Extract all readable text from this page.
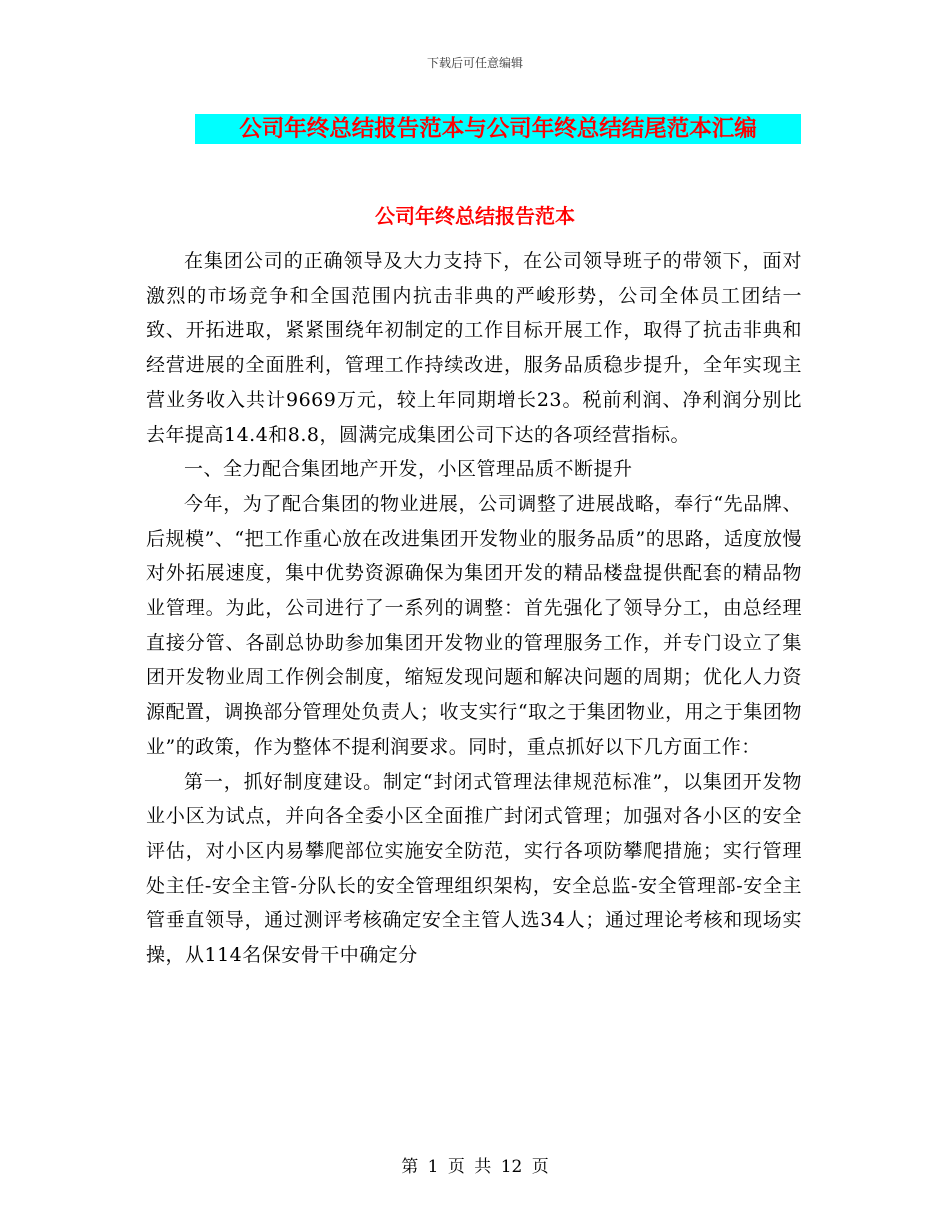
下载后可任意编辑
公司年终总结报告范本与公司年终总结结尾范本汇编
公司年终总结报告范本

在集团公司的正确领导及大力支持下，在公司领导班子的带领下，面对激烈的市场竞争和全国范围内抗击非典的严峻形势，公司全体员工团结一致、开拓进取，紧紧围绕年初制定的工作目标开展工作，取得了抗击非典和经营进展的全面胜利，管理工作持续改进，服务品质稳步提升，全年实现主营业务收入共计9669万元，较上年同期增长23。税前利润、净利润分别比去年提高14.4和8.8，圆满完成集团公司下达的各项经营指标。

一、全力配合集团地产开发，小区管理品质不断提升

今年，为了配合集团的物业进展，公司调整了进展战略，奉行“先品牌、后规模”、“把工作重心放在改进集团开发物业的服务品质”的思路，适度放慢对外拓展速度，集中优势资源确保为集团开发的精品楼盘提供配套的精品物业管理。为此，公司进行了一系列的调整：首先强化了领导分工，由总经理直接分管、各副总协助参加集团开发物业的管理服务工作，并专门设立了集团开发物业周工作例会制度，缩短发现问题和解决问题的周期；优化人力资源配置，调换部分管理处负责人；收支实行“取之于集团物业，用之于集团物业”的政策，作为整体不提利润要求。同时，重点抓好以下几方面工作：

第一，抓好制度建设。制定“封闭式管理法律规范标准”，以集团开发物业小区为试点，并向各全委小区全面推广封闭式管理；加强对各小区的安全评估，对小区内易攀爬部位实施安全防范，实行各项防攀爬措施；实行管理处主任-安全主管-分队长的安全管理组织架构，安全总监-安全管理部-安全主管垂直领导，通过测评考核确定安全主管人选34人；通过理论考核和现场实操，从114名保安骨干中确定分

第 1 页 共 12 页
